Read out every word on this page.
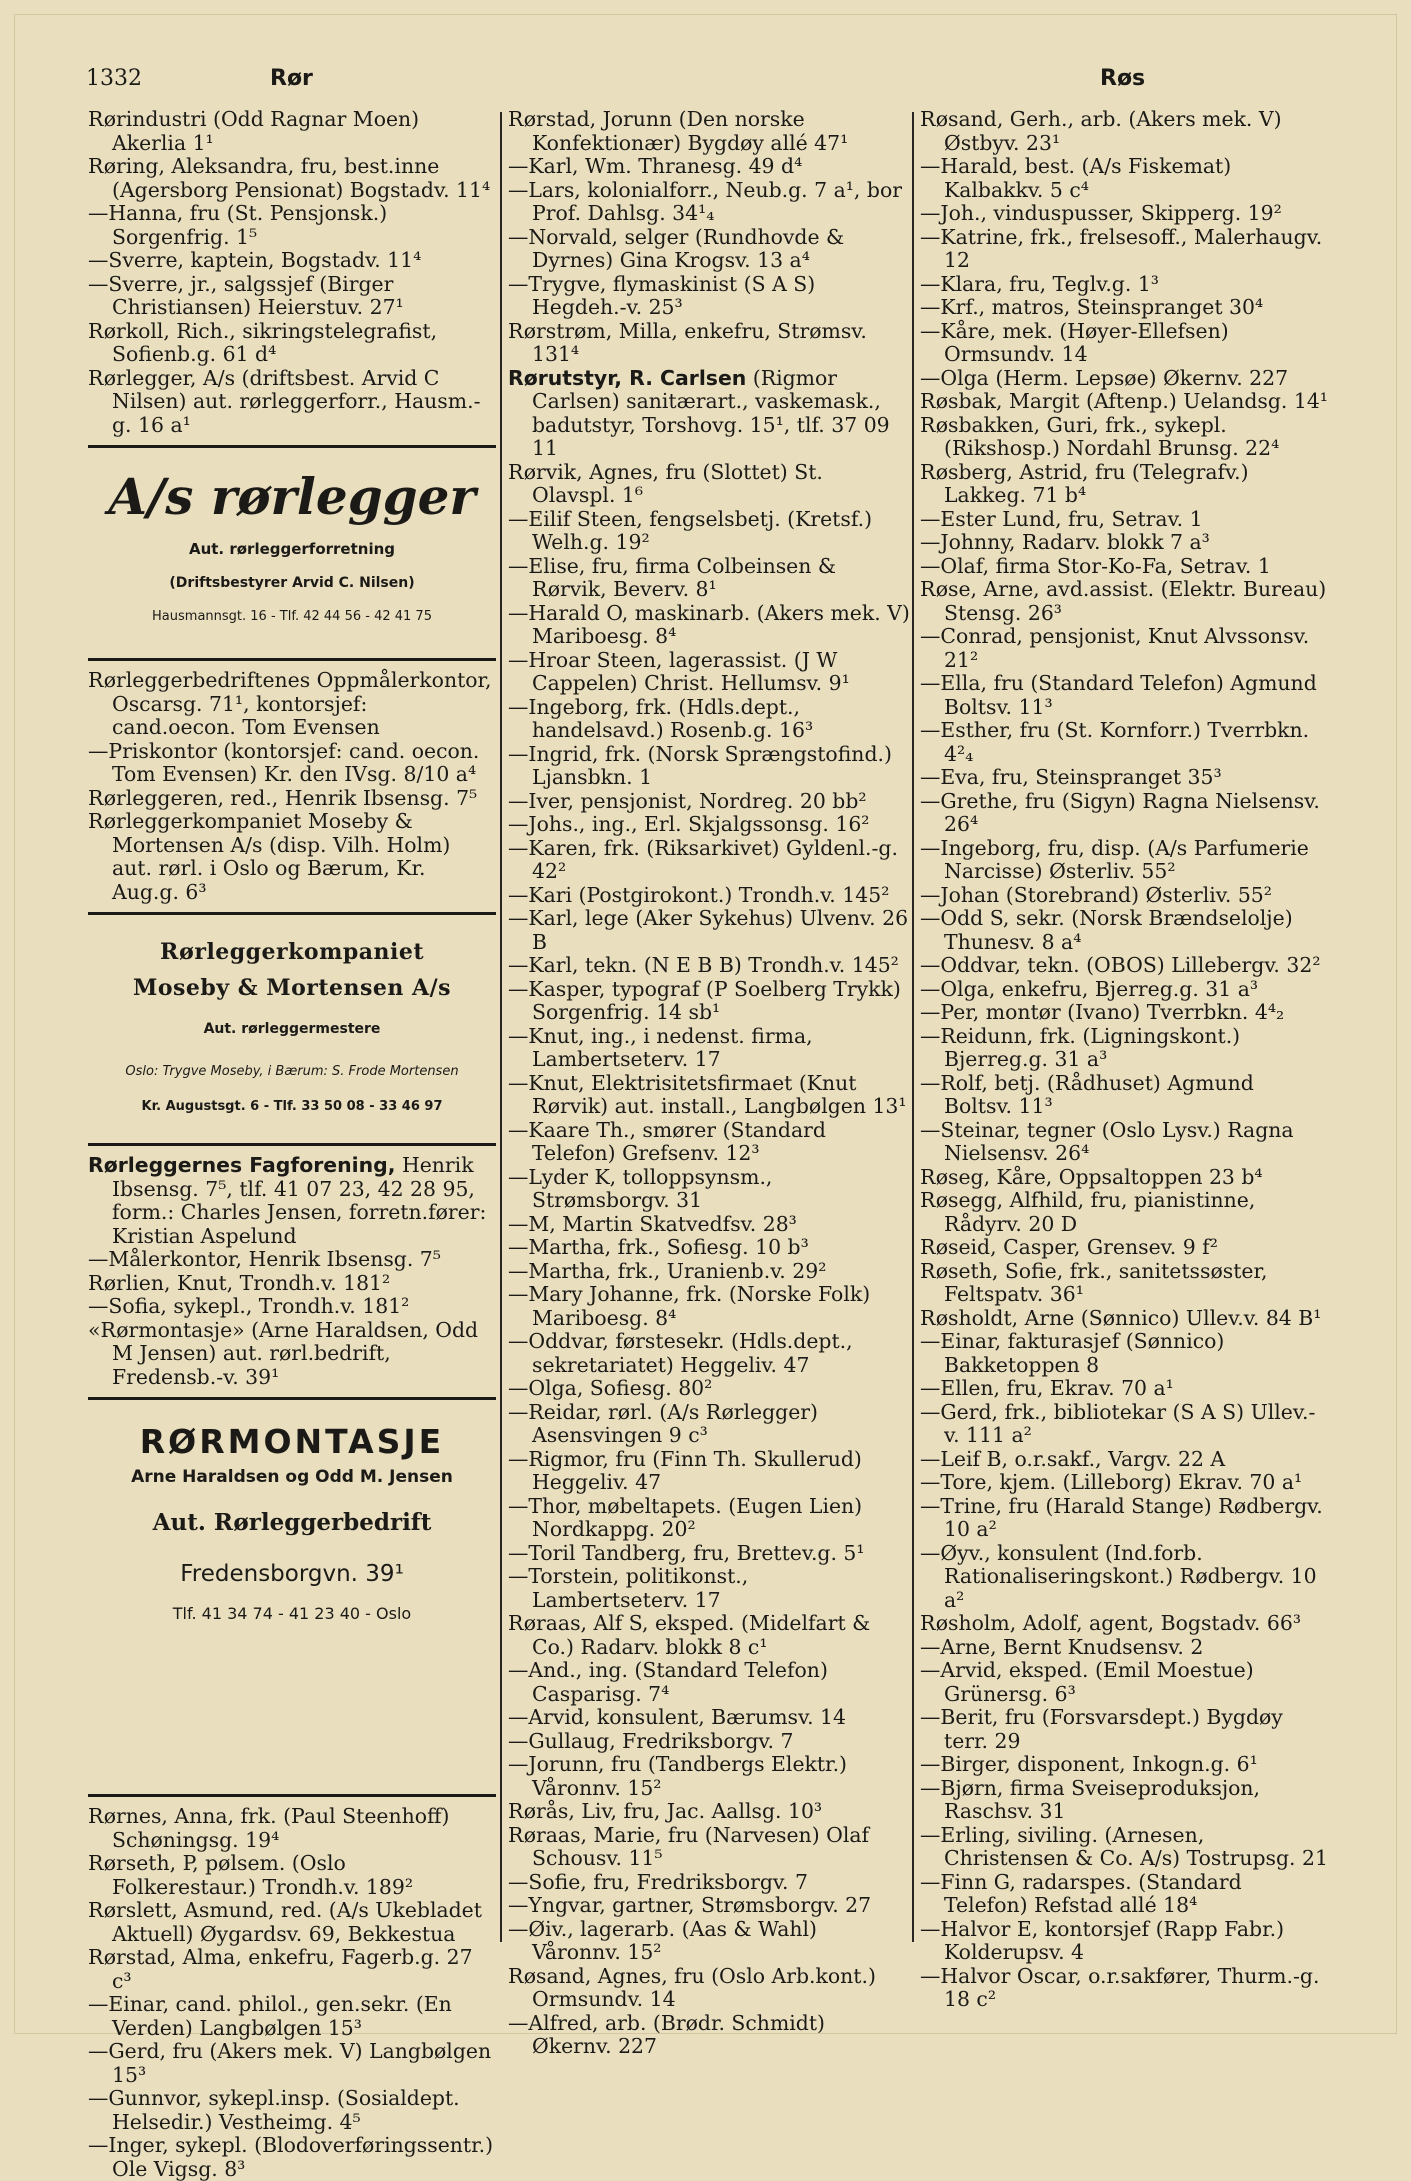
1332	Rør	Røs

Rørindustri (Odd Ragnar Moen) Akerlia 1¹

Røring, Aleksandra, fru, best.inne (Agersborg Pensionat) Bogstadv. 11⁴

—Hanna, fru (St. Pensjonsk.) Sorgenfrig. 1⁵

—Sverre, kaptein, Bogstadv. 11⁴

—Sverre, jr., salgssjef (Birger Christiansen) Heierstuv. 27¹

Rørkoll, Rich., sikringstelegrafist, Sofienb.g. 61 d⁴

Rørlegger, A/s (driftsbest. Arvid C Nilsen) aut. rørleggerforr., Hausm.-g. 16 a¹

A/s rørlegger
Aut. rørleggerforretning
(Driftsbestyrer Arvid C. Nilsen)
Hausmannsgt. 16 - Tlf. 42 44 56 - 42 41 75

Rørleggerbedriftenes Oppmålerkontor, Oscarsg. 71¹, kontorsjef: cand.oecon. Tom Evensen

—Priskontor (kontorsjef: cand. oecon. Tom Evensen) Kr. den IVsg. 8/10 a⁴

Rørleggeren, red., Henrik Ibsensg. 7⁵

Rørleggerkompaniet Moseby & Mortensen A/s (disp. Vilh. Holm) aut. rørl. i Oslo og Bærum, Kr. Aug.g. 6³

Rørleggerkompaniet
Moseby & Mortensen A/s
Aut. rørleggermestere
Oslo: Trygve Moseby, i Bærum: S. Frode Mortensen
Kr. Augustsgt. 6 - Tlf. 33 50 08 - 33 46 97

Rørleggernes Fagforening, Henrik Ibsensg. 7⁵, tlf. 41 07 23, 42 28 95, form.: Charles Jensen, forretn.fører: Kristian Aspelund

—Målerkontor, Henrik Ibsensg. 7⁵

Rørlien, Knut, Trondh.v. 181²

—Sofia, sykepl., Trondh.v. 181²

«Rørmontasje» (Arne Haraldsen, Odd M Jensen) aut. rørl.bedrift, Fredensb.-v. 39¹

RØRMONTASJE
Arne Haraldsen og Odd M. Jensen
Aut. Rørleggerbedrift
Fredensborgvn. 39¹
Tlf. 41 34 74 - 41 23 40 - Oslo

Rørnes, Anna, frk. (Paul Steenhoff) Schøningsg. 19⁴

Rørseth, P, pølsem. (Oslo Folkerestaur.) Trondh.v. 189²

Rørslett, Asmund, red. (A/s Ukebladet Aktuell) Øygardsv. 69, Bekkestua

Rørstad, Alma, enkefru, Fagerb.g. 27 c³

—Einar, cand. philol., gen.sekr. (En Verden) Langbølgen 15³

—Gerd, fru (Akers mek. V) Langbølgen 15³

—Gunnvor, sykepl.insp. (Sosialdept. Helsedir.) Vestheimg. 4⁵

—Inger, sykepl. (Blodoverføringssentr.) Ole Vigsg. 8³

Rørstad, Jorunn (Den norske Konfektionær) Bygdøy allé 47¹

—Karl, Wm. Thranesg. 49 d⁴

—Lars, kolonialforr., Neub.g. 7 a¹, bor Prof. Dahlsg. 34¹₄

—Norvald, selger (Rundhovde & Dyrnes) Gina Krogsv. 13 a⁴

—Trygve, flymaskinist (S A S) Hegdeh.-v. 25³

Rørstrøm, Milla, enkefru, Strømsv. 131⁴

Rørutstyr, R. Carlsen (Rigmor Carlsen) sanitærart., vaskemask., badutstyr, Torshovg. 15¹, tlf. 37 09 11

Rørvik, Agnes, fru (Slottet) St. Olavspl. 1⁶

—Eilif Steen, fengselsbetj. (Kretsf.) Welh.g. 19²

—Elise, fru, firma Colbeinsen & Rørvik, Beverv. 8¹

—Harald O, maskinarb. (Akers mek. V) Mariboesg. 8⁴

—Hroar Steen, lagerassist. (J W Cappelen) Christ. Hellumsv. 9¹

—Ingeborg, frk. (Hdls.dept., handelsavd.) Rosenb.g. 16³

—Ingrid, frk. (Norsk Sprængstofind.) Ljansbkn. 1

—Iver, pensjonist, Nordreg. 20 bb²

—Johs., ing., Erl. Skjalgssonsg. 16²

—Karen, frk. (Riksarkivet) Gyldenl.-g. 42²

—Kari (Postgirokont.) Trondh.v. 145²

—Karl, lege (Aker Sykehus) Ulvenv. 26 B

—Karl, tekn. (N E B B) Trondh.v. 145²

—Kasper, typograf (P Soelberg Trykk) Sorgenfrig. 14 sb¹

—Knut, ing., i nedenst. firma, Lambertseterv. 17

—Knut, Elektrisitetsfirmaet (Knut Rørvik) aut. install., Langbølgen 13¹

—Kaare Th., smører (Standard Telefon) Grefsenv. 12³

—Lyder K, tolloppsynsm., Strømsborgv. 31

—M, Martin Skatvedfsv. 28³

—Martha, frk., Sofiesg. 10 b³

—Martha, frk., Uranienb.v. 29²

—Mary Johanne, frk. (Norske Folk) Mariboesg. 8⁴

—Oddvar, førstesekr. (Hdls.dept., sekretariatet) Heggeliv. 47

—Olga, Sofiesg. 80²

—Reidar, rørl. (A/s Rørlegger) Asensvingen 9 c³

—Rigmor, fru (Finn Th. Skullerud) Heggeliv. 47

—Thor, møbeltapets. (Eugen Lien) Nordkappg. 20²

—Toril Tandberg, fru, Brettev.g. 5¹

—Torstein, politikonst., Lambertseterv. 17

Røraas, Alf S, eksped. (Midelfart & Co.) Radarv. blokk 8 c¹

—And., ing. (Standard Telefon) Casparisg. 7⁴

—Arvid, konsulent, Bærumsv. 14

—Gullaug, Fredriksborgv. 7

—Jorunn, fru (Tandbergs Elektr.) Våronnv. 15²

Rørås, Liv, fru, Jac. Aallsg. 10³

Røraas, Marie, fru (Narvesen) Olaf Schousv. 11⁵

—Sofie, fru, Fredriksborgv. 7

—Yngvar, gartner, Strømsborgv. 27

—Øiv., lagerarb. (Aas & Wahl) Våronnv. 15²

Røsand, Agnes, fru (Oslo Arb.kont.) Ormsundv. 14

—Alfred, arb. (Brødr. Schmidt) Økernv. 227

Røsand, Gerh., arb. (Akers mek. V) Østbyv. 23¹

—Harald, best. (A/s Fiskemat) Kalbakkv. 5 c⁴

—Joh., vinduspusser, Skipperg. 19²

—Katrine, frk., frelsesoff., Malerhaugv. 12

—Klara, fru, Teglv.g. 1³

—Krf., matros, Steinspranget 30⁴

—Kåre, mek. (Høyer-Ellefsen) Ormsundv. 14

—Olga (Herm. Lepsøe) Økernv. 227

Røsbak, Margit (Aftenp.) Uelandsg. 14¹

Røsbakken, Guri, frk., sykepl. (Rikshosp.) Nordahl Brunsg. 22⁴

Røsberg, Astrid, fru (Telegrafv.) Lakkeg. 71 b⁴

—Ester Lund, fru, Setrav. 1

—Johnny, Radarv. blokk 7 a³

—Olaf, firma Stor-Ko-Fa, Setrav. 1

Røse, Arne, avd.assist. (Elektr. Bureau) Stensg. 26³

—Conrad, pensjonist, Knut Alvssonsv. 21²

—Ella, fru (Standard Telefon) Agmund Boltsv. 11³

—Esther, fru (St. Kornforr.) Tverrbkn. 4²₄

—Eva, fru, Steinspranget 35³

—Grethe, fru (Sigyn) Ragna Nielsensv. 26⁴

—Ingeborg, fru, disp. (A/s Parfumerie Narcisse) Østerliv. 55²

—Johan (Storebrand) Østerliv. 55²

—Odd S, sekr. (Norsk Brændselolje) Thunesv. 8 a⁴

—Oddvar, tekn. (OBOS) Lillebergv. 32²

—Olga, enkefru, Bjerreg.g. 31 a³

—Per, montør (Ivano) Tverrbkn. 4⁴₂

—Reidunn, frk. (Ligningskont.) Bjerreg.g. 31 a³

—Rolf, betj. (Rådhuset) Agmund Boltsv. 11³

—Steinar, tegner (Oslo Lysv.) Ragna Nielsensv. 26⁴

Røseg, Kåre, Oppsaltoppen 23 b⁴

Røsegg, Alfhild, fru, pianistinne, Rådyrv. 20 D

Røseid, Casper, Grensev. 9 f²

Røseth, Sofie, frk., sanitetssøster, Feltspatv. 36¹

Røsholdt, Arne (Sønnico) Ullev.v. 84 B¹

—Einar, fakturasjef (Sønnico) Bakketoppen 8

—Ellen, fru, Ekrav. 70 a¹

—Gerd, frk., bibliotekar (S A S) Ullev.-v. 111 a²

—Leif B, o.r.sakf., Vargv. 22 A

—Tore, kjem. (Lilleborg) Ekrav. 70 a¹

—Trine, fru (Harald Stange) Rødbergv. 10 a²

—Øyv., konsulent (Ind.forb. Rationaliseringskont.) Rødbergv. 10 a²

Røsholm, Adolf, agent, Bogstadv. 66³

—Arne, Bernt Knudsensv. 2

—Arvid, eksped. (Emil Moestue) Grünersg. 6³

—Berit, fru (Forsvarsdept.) Bygdøy terr. 29

—Birger, disponent, Inkogn.g. 6¹

—Bjørn, firma Sveiseproduksjon, Raschsv. 31

—Erling, siviling. (Arnesen, Christensen & Co. A/s) Tostrupsg. 21

—Finn G, radarspes. (Standard Telefon) Refstad allé 18⁴

—Halvor E, kontorsjef (Rapp Fabr.) Kolderupsv. 4

—Halvor Oscar, o.r.sakfører, Thurm.-g. 18 c²
